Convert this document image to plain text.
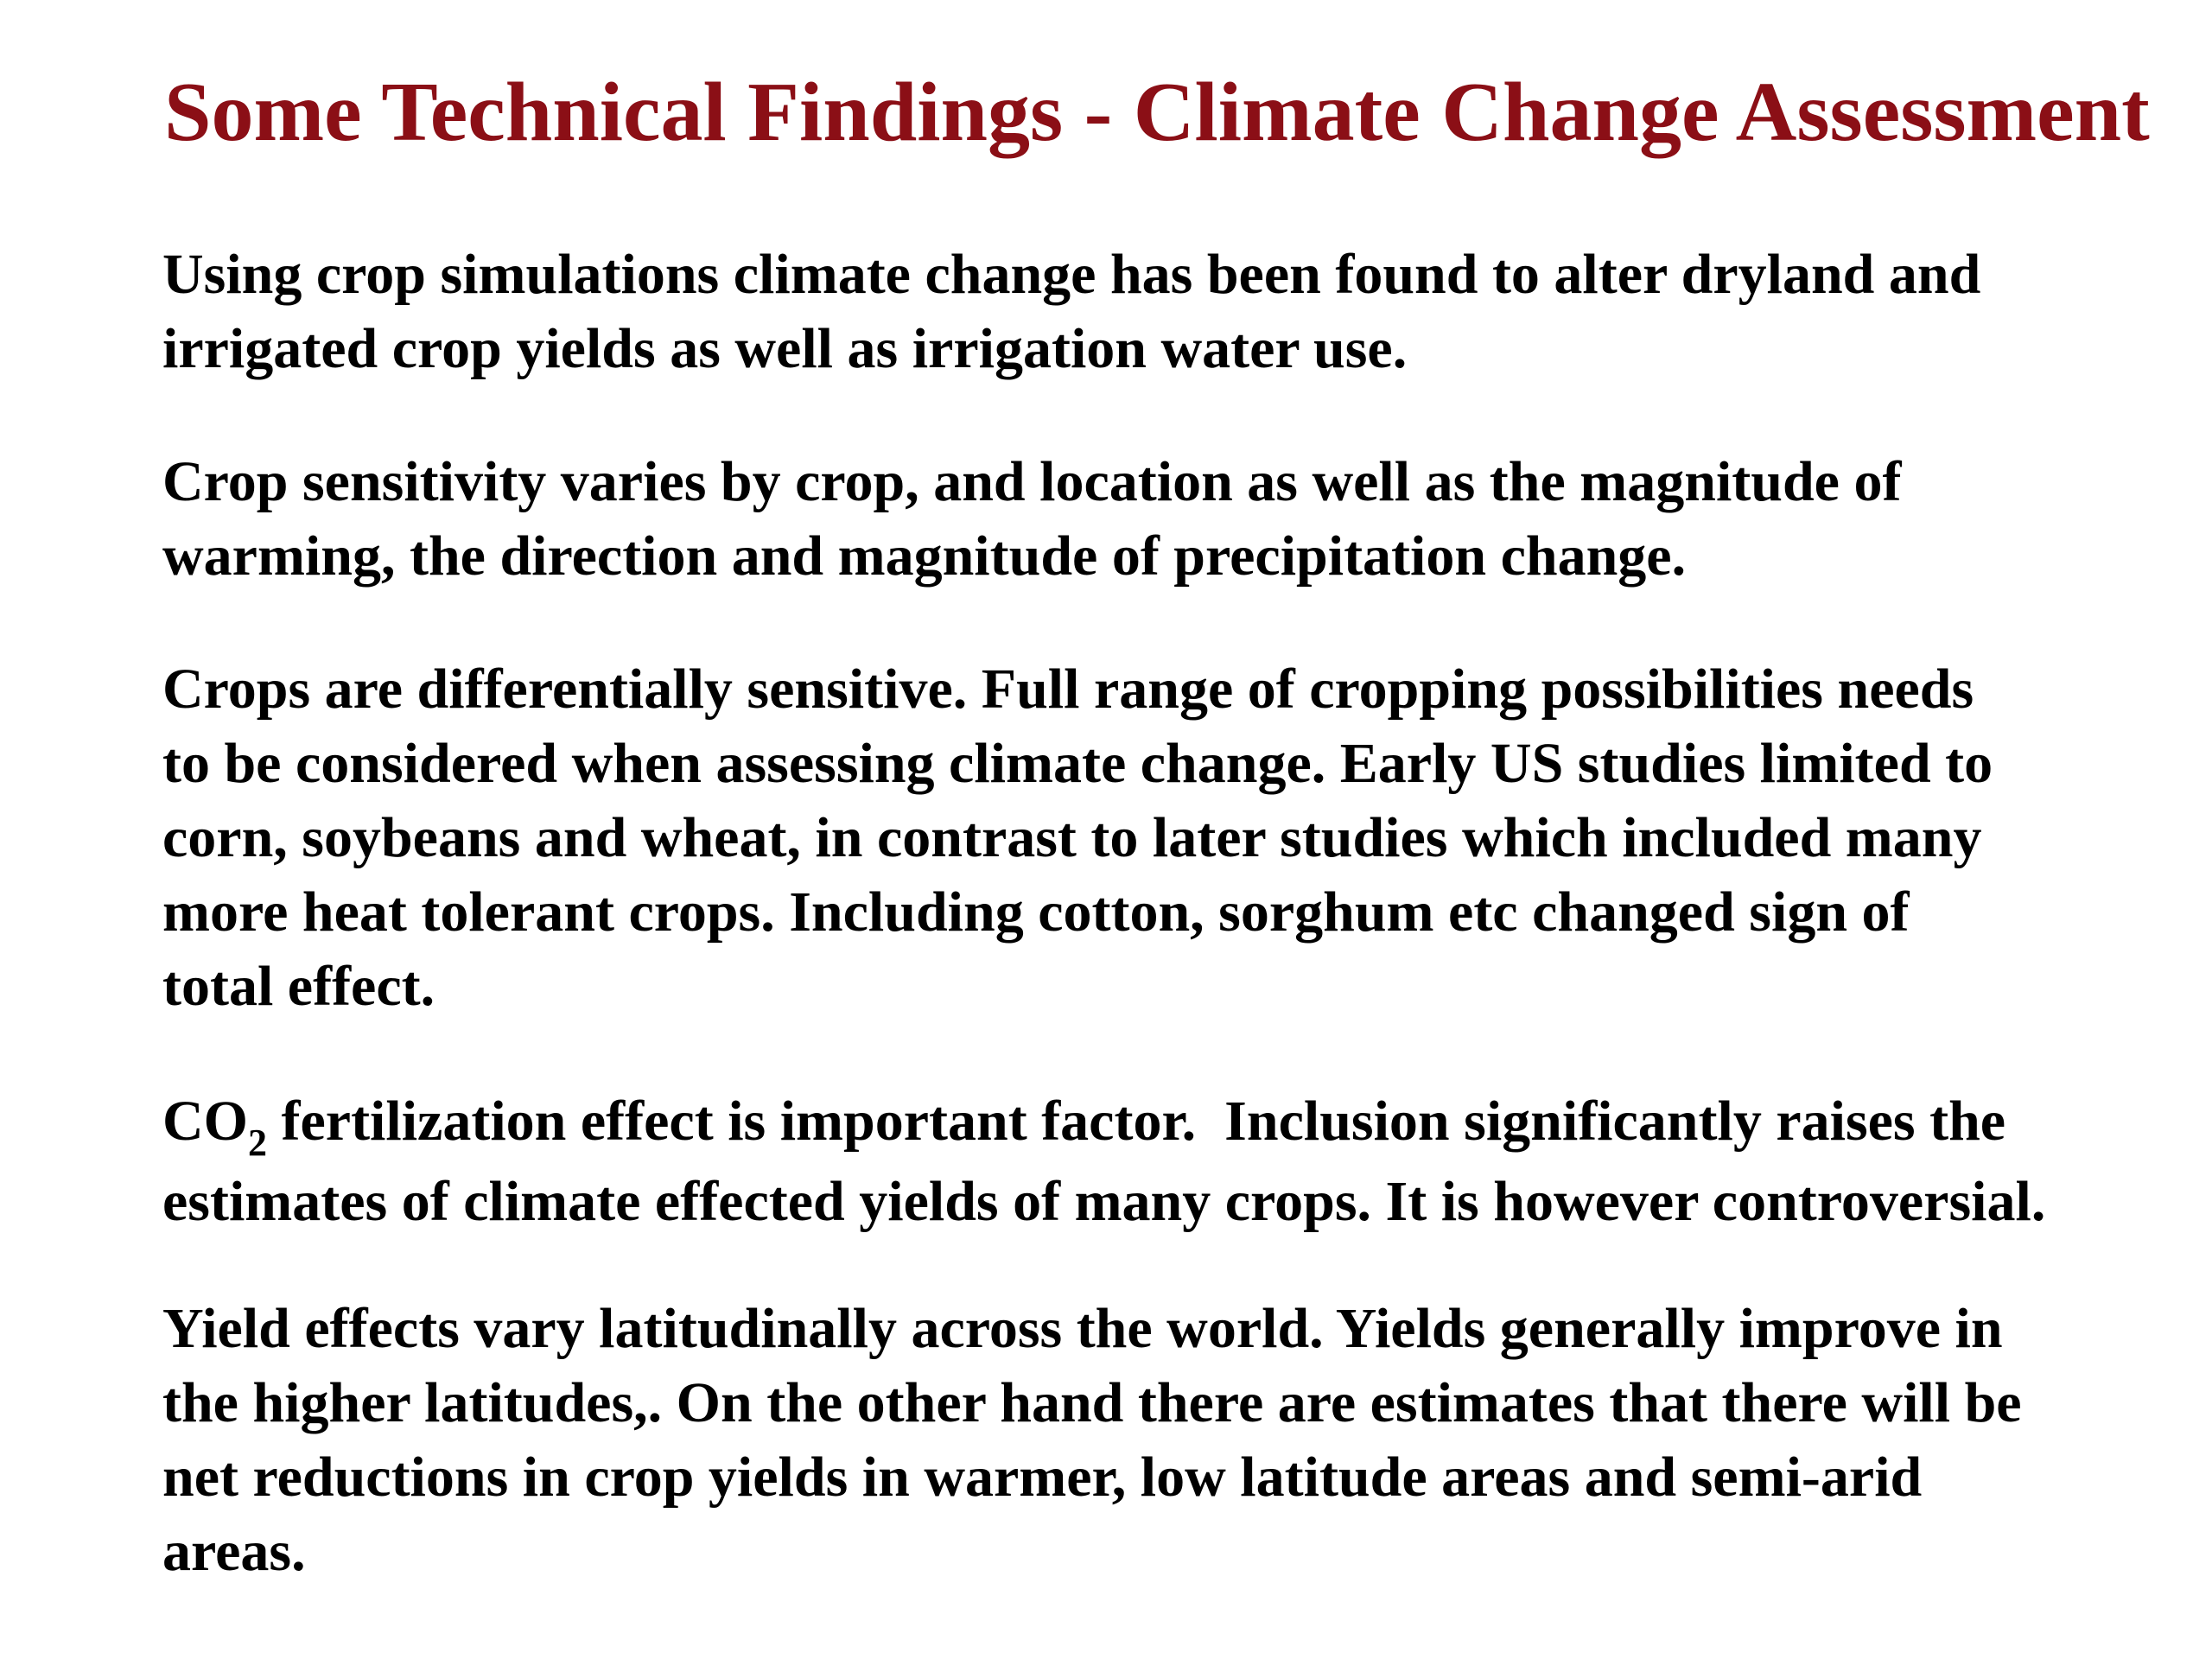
Some Technical Findings - Climate Change Assessment
Using crop simulations climate change has been found to alter dryland and
irrigated crop yields as well as irrigation water use.
Crop sensitivity varies by crop, and location as well as the magnitude of
warming, the direction and magnitude of precipitation change.
Crops are differentially sensitive. Full range of cropping possibilities needs
to be considered when assessing climate change. Early US studies limited to
corn, soybeans and wheat, in contrast to later studies which included many
more heat tolerant crops. Including cotton, sorghum etc changed sign of
total effect.
$CO_2$ fertilization effect is important factor.  Inclusion significantly raises the
estimates of climate effected yields of many crops. It is however controversial.
Yield effects vary latitudinally across the world. Yields generally improve in
the higher latitudes,. On the other hand there are estimates that there will be
net reductions in crop yields in warmer, low latitude areas and semi-arid
areas.
